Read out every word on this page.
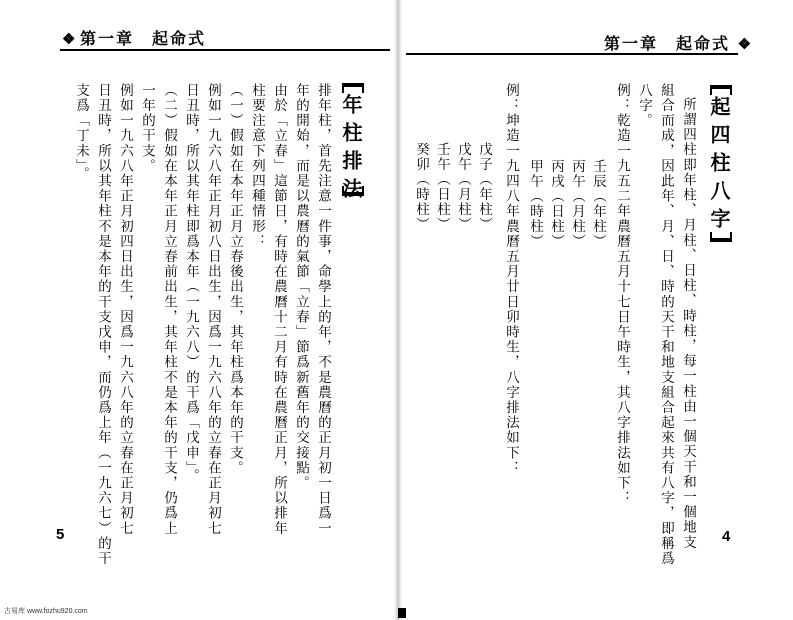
❖ 第一章　起命式	第一章　起命式 ❖
年柱排法
排年柱，首先注意一件事，命學上的年，不是農曆的正月初一日爲一
年的開始，而是以農曆的氣節「立春」節爲新舊年的交接點。
由於「立春」這節日，有時在農曆十二月有時在農曆正月，所以排年
柱要注意下列四種情形：
（一）假如在本年正月立春後出生，其年柱爲本年的干支。
例如一九六八年正月初八日出生，因爲一九六八年的立春在正月初七
日丑時，所以其年柱即爲本年（一九六八）的干爲「戊申」。
（二）假如在本年正月立春前出生，其年柱不是本年的干支，仍爲上
一年的干支。
例如一九六八年正月初四日出生，因爲一九六八年的立春在正月初七
日丑時，所以其年柱不是本年的干支戊申，而仍爲上年（一九六七）的干
支爲「丁未」。
5
起四柱八字
所謂四柱即年柱、月柱、日柱、時柱，每一柱由一個天干和一個地支
組合而成，因此年、月、日、時的天干和地支組合起來共有八字，即稱爲
八字。
例：乾造一九五二年農曆五月十七日午時生，其八字排法如下：
壬辰（年柱）
丙午（月柱）
丙戌（日柱）
甲午（時柱）
例：坤造一九四八年農曆五月廿日卯時生，八字排法如下：
戊子（年柱）
戊午（月柱）
壬午（日柱）
癸卯（時柱）
4
古易库 www.fozhu920.com
